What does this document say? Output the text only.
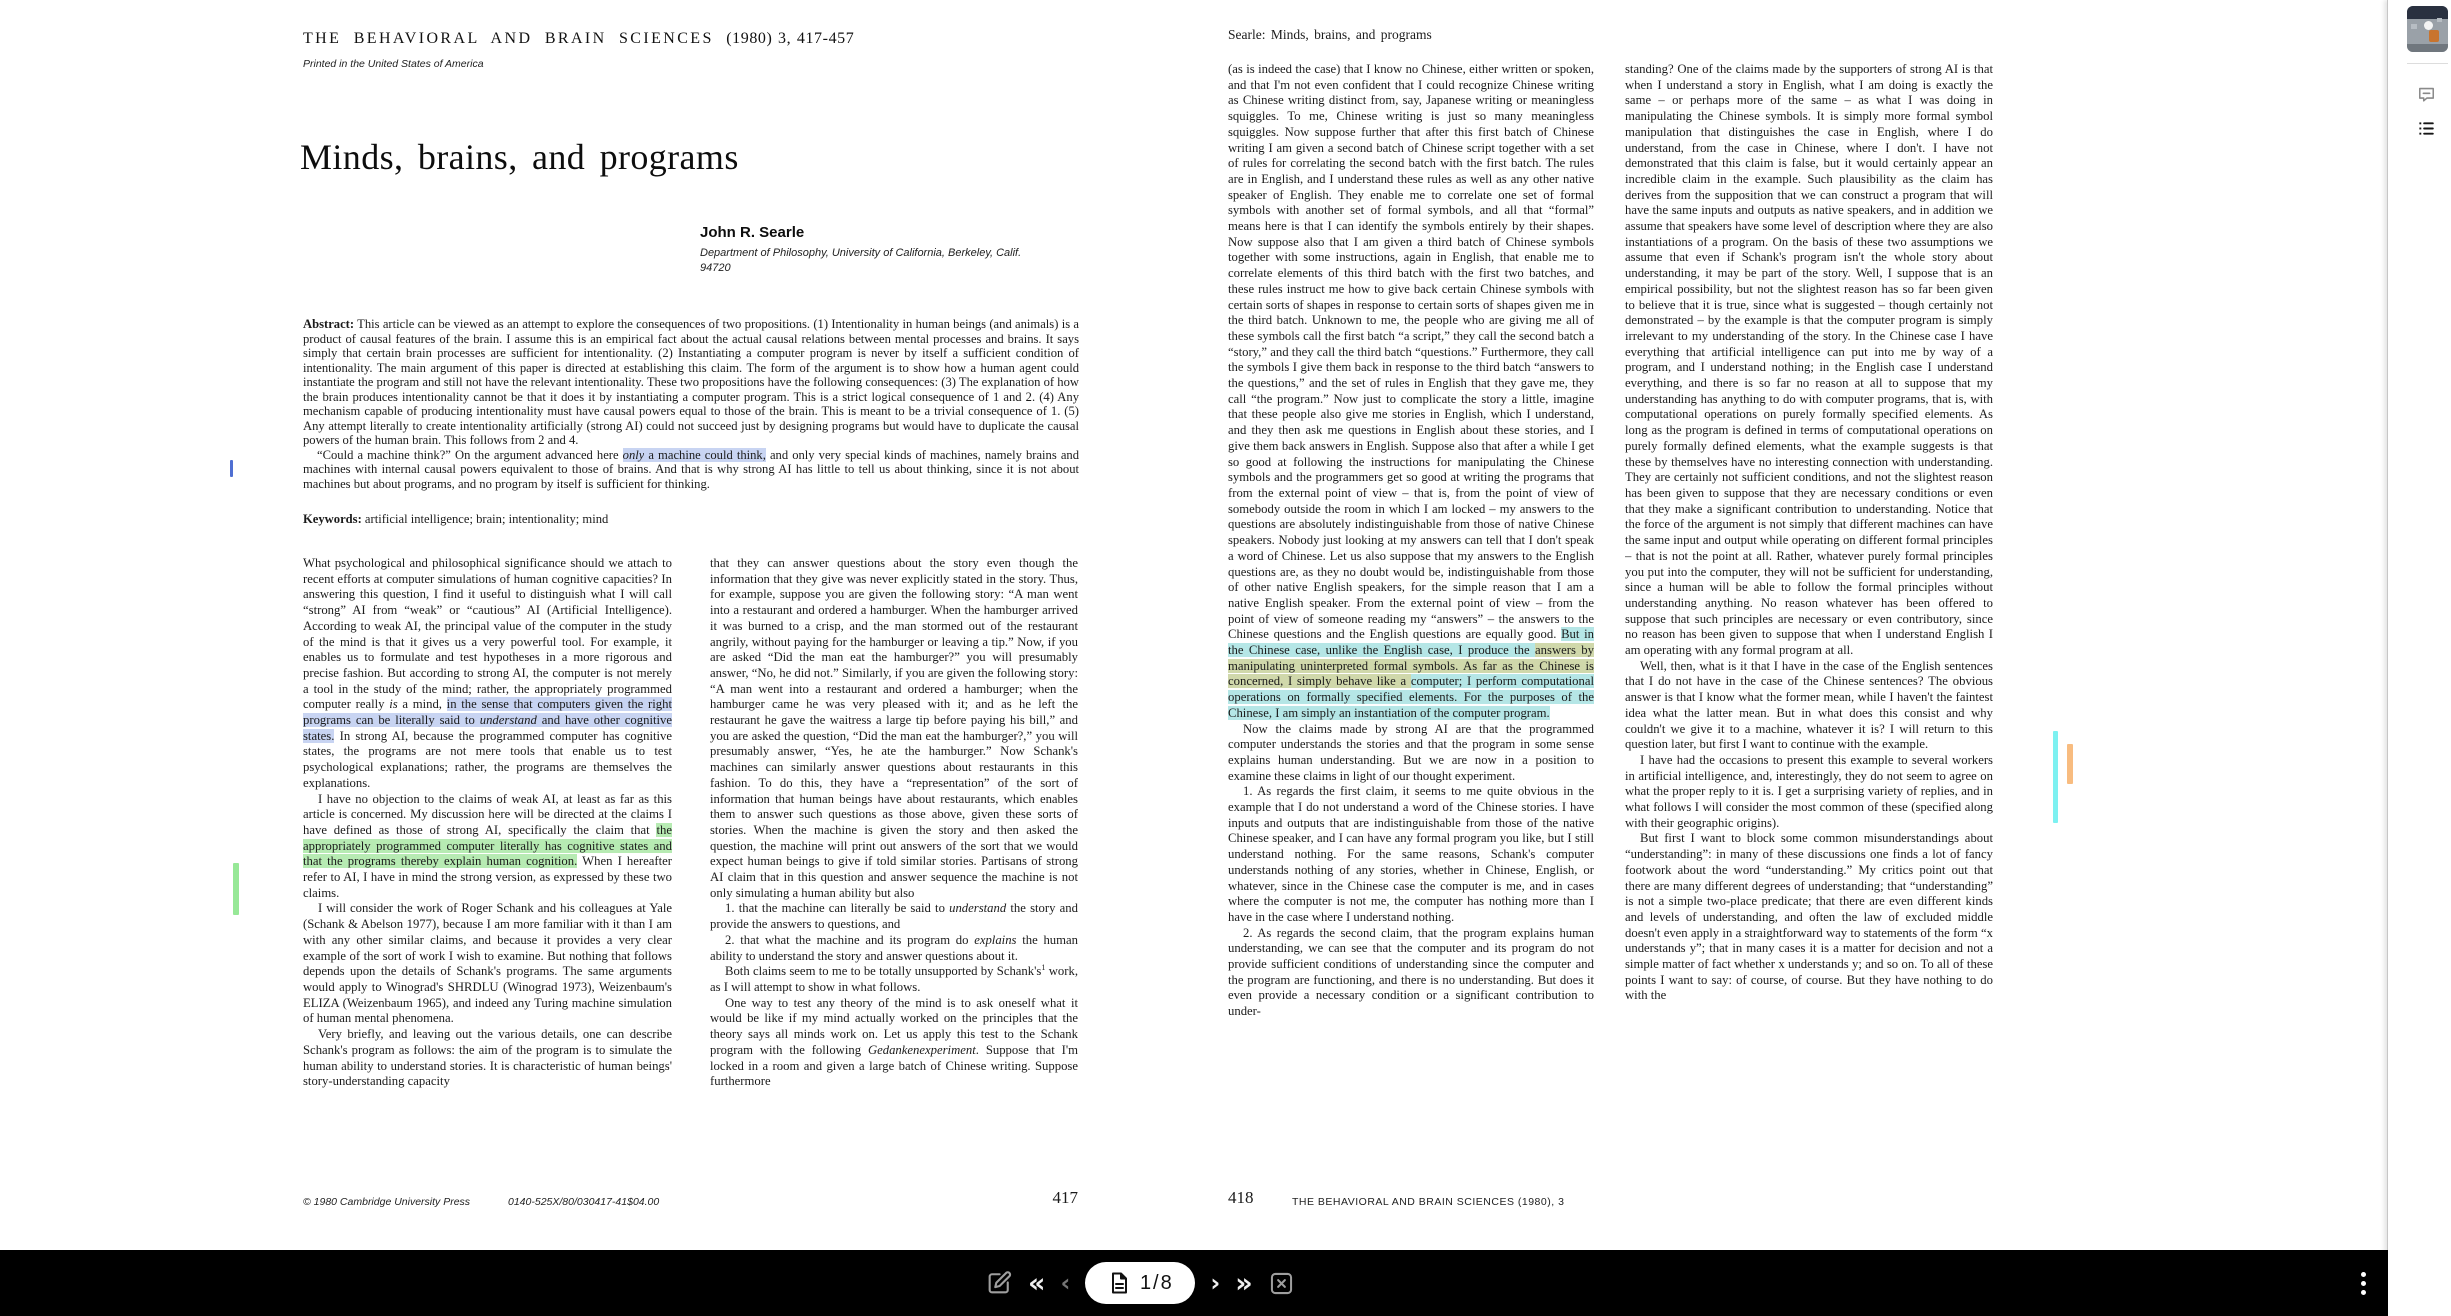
THE BEHAVIORAL AND BRAIN SCIENCES (1980) 3, 417-457
Printed in the United States of America
Minds, brains, and programs
John R. Searle
Department of Philosophy, University of California, Berkeley, Calif.
94720

Abstract: This article can be viewed as an attempt to explore the consequences of two propositions. (1) Intentionality in human beings (and animals) is a product of causal features of the brain. I assume this is an empirical fact about the actual causal relations between mental processes and brains. It says simply that certain brain processes are sufficient for intentionality. (2) Instantiating a computer program is never by itself a sufficient condition of intentionality. The main argument of this paper is directed at establishing this claim. The form of the argument is to show how a human agent could instantiate the program and still not have the relevant intentionality. These two propositions have the following consequences: (3) The explanation of how the brain produces intentionality cannot be that it does it by instantiating a computer program. This is a strict logical consequence of 1 and 2. (4) Any mechanism capable of producing intentionality must have causal powers equal to those of the brain. This is meant to be a trivial consequence of 1. (5) Any attempt literally to create intentionality artificially (strong AI) could not succeed just by designing programs but would have to duplicate the causal powers of the human brain. This follows from 2 and 4.

“Could a machine think?” On the argument advanced here only a machine could think, and only very special kinds of machines, namely brains and machines with internal causal powers equivalent to those of brains. And that is why strong AI has little to tell us about thinking, since it is not about machines but about programs, and no program by itself is sufficient for thinking.

Keywords: artificial intelligence; brain; intentionality; mind

What psychological and philosophical significance should we attach to recent efforts at computer simulations of human cognitive capacities? In answering this question, I find it useful to distinguish what I will call “strong” AI from “weak” or “cautious” AI (Artificial Intelligence). According to weak AI, the principal value of the computer in the study of the mind is that it gives us a very powerful tool. For example, it enables us to formulate and test hypotheses in a more rigorous and precise fashion. But according to strong AI, the computer is not merely a tool in the study of the mind; rather, the appropriately programmed computer really is a mind, in the sense that computers given the right programs can be literally said to understand and have other cognitive states. In strong AI, because the programmed computer has cognitive states, the programs are not mere tools that enable us to test psychological explanations; rather, the programs are themselves the explanations.

I have no objection to the claims of weak AI, at least as far as this article is concerned. My discussion here will be directed at the claims I have defined as those of strong AI, specifically the claim that the appropriately programmed computer literally has cognitive states and that the programs thereby explain human cognition. When I hereafter refer to AI, I have in mind the strong version, as expressed by these two claims.

I will consider the work of Roger Schank and his colleagues at Yale (Schank & Abelson 1977), because I am more familiar with it than I am with any other similar claims, and because it provides a very clear example of the sort of work I wish to examine. But nothing that follows depends upon the details of Schank's programs. The same arguments would apply to Winograd's SHRDLU (Winograd 1973), Weizenbaum's ELIZA (Weizenbaum 1965), and indeed any Turing machine simulation of human mental phenomena.

Very briefly, and leaving out the various details, one can describe Schank's program as follows: the aim of the program is to simulate the human ability to understand stories. It is characteristic of human beings' story-understanding capacity

that they can answer questions about the story even though the information that they give was never explicitly stated in the story. Thus, for example, suppose you are given the following story: “A man went into a restaurant and ordered a hamburger. When the hamburger arrived it was burned to a crisp, and the man stormed out of the restaurant angrily, without paying for the hamburger or leaving a tip.” Now, if you are asked “Did the man eat the hamburger?” you will presumably answer, “No, he did not.” Similarly, if you are given the following story: “A man went into a restaurant and ordered a hamburger; when the hamburger came he was very pleased with it; and as he left the restaurant he gave the waitress a large tip before paying his bill,” and you are asked the question, “Did the man eat the hamburger?,” you will presumably answer, “Yes, he ate the hamburger.” Now Schank's machines can similarly answer questions about restaurants in this fashion. To do this, they have a “representation” of the sort of information that human beings have about restaurants, which enables them to answer such questions as those above, given these sorts of stories. When the machine is given the story and then asked the question, the machine will print out answers of the sort that we would expect human beings to give if told similar stories. Partisans of strong AI claim that in this question and answer sequence the machine is not only simulating a human ability but also

1. that the machine can literally be said to understand the story and provide the answers to questions, and

2. that what the machine and its program do explains the human ability to understand the story and answer questions about it.

Both claims seem to me to be totally unsupported by $Schank's^1$ work, as I will attempt to show in what follows.

One way to test any theory of the mind is to ask oneself what it would be like if my mind actually worked on the principles that the theory says all minds work on. Let us apply this test to the Schank program with the following Gedankenexperiment. Suppose that I'm locked in a room and given a large batch of Chinese writing. Suppose furthermore

© 1980 Cambridge University Press	0140-525X/80/030417-41$04.00	417
Searle: Minds, brains, and programs

(as is indeed the case) that I know no Chinese, either written or spoken, and that I'm not even confident that I could recognize Chinese writing as Chinese writing distinct from, say, Japanese writing or meaningless squiggles. To me, Chinese writing is just so many meaningless squiggles. Now suppose further that after this first batch of Chinese writing I am given a second batch of Chinese script together with a set of rules for correlating the second batch with the first batch. The rules are in English, and I understand these rules as well as any other native speaker of English. They enable me to correlate one set of formal symbols with another set of formal symbols, and all that “formal” means here is that I can identify the symbols entirely by their shapes. Now suppose also that I am given a third batch of Chinese symbols together with some instructions, again in English, that enable me to correlate elements of this third batch with the first two batches, and these rules instruct me how to give back certain Chinese symbols with certain sorts of shapes in response to certain sorts of shapes given me in the third batch. Unknown to me, the people who are giving me all of these symbols call the first batch “a script,” they call the second batch a “story,” and they call the third batch “questions.” Furthermore, they call the symbols I give them back in response to the third batch “answers to the questions,” and the set of rules in English that they gave me, they call “the program.” Now just to complicate the story a little, imagine that these people also give me stories in English, which I understand, and they then ask me questions in English about these stories, and I give them back answers in English. Suppose also that after a while I get so good at following the instructions for manipulating the Chinese symbols and the programmers get so good at writing the programs that from the external point of view – that is, from the point of view of somebody outside the room in which I am locked – my answers to the questions are absolutely indistinguishable from those of native Chinese speakers. Nobody just looking at my answers can tell that I don't speak a word of Chinese. Let us also suppose that my answers to the English questions are, as they no doubt would be, indistinguishable from those of other native English speakers, for the simple reason that I am a native English speaker. From the external point of view – from the point of view of someone reading my “answers” – the answers to the Chinese questions and the English questions are equally good. But in the Chinese case, unlike the English case, I produce the answers by manipulating uninterpreted formal symbols. As far as the Chinese is concerned, I simply behave like a computer; I perform computational operations on formally specified elements. For the purposes of the Chinese, I am simply an instantiation of the computer program.

Now the claims made by strong AI are that the programmed computer understands the stories and that the program in some sense explains human understanding. But we are now in a position to examine these claims in light of our thought experiment.

1. As regards the first claim, it seems to me quite obvious in the example that I do not understand a word of the Chinese stories. I have inputs and outputs that are indistinguishable from those of the native Chinese speaker, and I can have any formal program you like, but I still understand nothing. For the same reasons, Schank's computer understands nothing of any stories, whether in Chinese, English, or whatever, since in the Chinese case the computer is me, and in cases where the computer is not me, the computer has nothing more than I have in the case where I understand nothing.

2. As regards the second claim, that the program explains human understanding, we can see that the computer and its program do not provide sufficient conditions of understanding since the computer and the program are functioning, and there is no understanding. But does it even provide a necessary condition or a significant contribution to under-

standing? One of the claims made by the supporters of strong AI is that when I understand a story in English, what I am doing is exactly the same – or perhaps more of the same – as what I was doing in manipulating the Chinese symbols. It is simply more formal symbol manipulation that distinguishes the case in English, where I do understand, from the case in Chinese, where I don't. I have not demonstrated that this claim is false, but it would certainly appear an incredible claim in the example. Such plausibility as the claim has derives from the supposition that we can construct a program that will have the same inputs and outputs as native speakers, and in addition we assume that speakers have some level of description where they are also instantiations of a program. On the basis of these two assumptions we assume that even if Schank's program isn't the whole story about understanding, it may be part of the story. Well, I suppose that is an empirical possibility, but not the slightest reason has so far been given to believe that it is true, since what is suggested – though certainly not demonstrated – by the example is that the computer program is simply irrelevant to my understanding of the story. In the Chinese case I have everything that artificial intelligence can put into me by way of a program, and I understand nothing; in the English case I understand everything, and there is so far no reason at all to suppose that my understanding has anything to do with computer programs, that is, with computational operations on purely formally specified elements. As long as the program is defined in terms of computational operations on purely formally defined elements, what the example suggests is that these by themselves have no interesting connection with understanding. They are certainly not sufficient conditions, and not the slightest reason has been given to suppose that they are necessary conditions or even that they make a significant contribution to understanding. Notice that the force of the argument is not simply that different machines can have the same input and output while operating on different formal principles – that is not the point at all. Rather, whatever purely formal principles you put into the computer, they will not be sufficient for understanding, since a human will be able to follow the formal principles without understanding anything. No reason whatever has been offered to suppose that such principles are necessary or even contributory, since no reason has been given to suppose that when I understand English I am operating with any formal program at all.

Well, then, what is it that I have in the case of the English sentences that I do not have in the case of the Chinese sentences? The obvious answer is that I know what the former mean, while I haven't the faintest idea what the latter mean. But in what does this consist and why couldn't we give it to a machine, whatever it is? I will return to this question later, but first I want to continue with the example.

I have had the occasions to present this example to several workers in artificial intelligence, and, interestingly, they do not seem to agree on what the proper reply to it is. I get a surprising variety of replies, and in what follows I will consider the most common of these (specified along with their geographic origins).

But first I want to block some common misunderstandings about “understanding”: in many of these discussions one finds a lot of fancy footwork about the word “understanding.” My critics point out that there are many different degrees of understanding; that “understanding” is not a simple two-place predicate; that there are even different kinds and levels of understanding, and often the law of excluded middle doesn't even apply in a straightforward way to statements of the form “x understands y”; that in many cases it is a matter for decision and not a simple matter of fact whether x understands y; and so on. To all of these points I want to say: of course, of course. But they have nothing to do with the

418	THE BEHAVIORAL AND BRAIN SCIENCES (1980), 3
« ‹	1/8 › »
